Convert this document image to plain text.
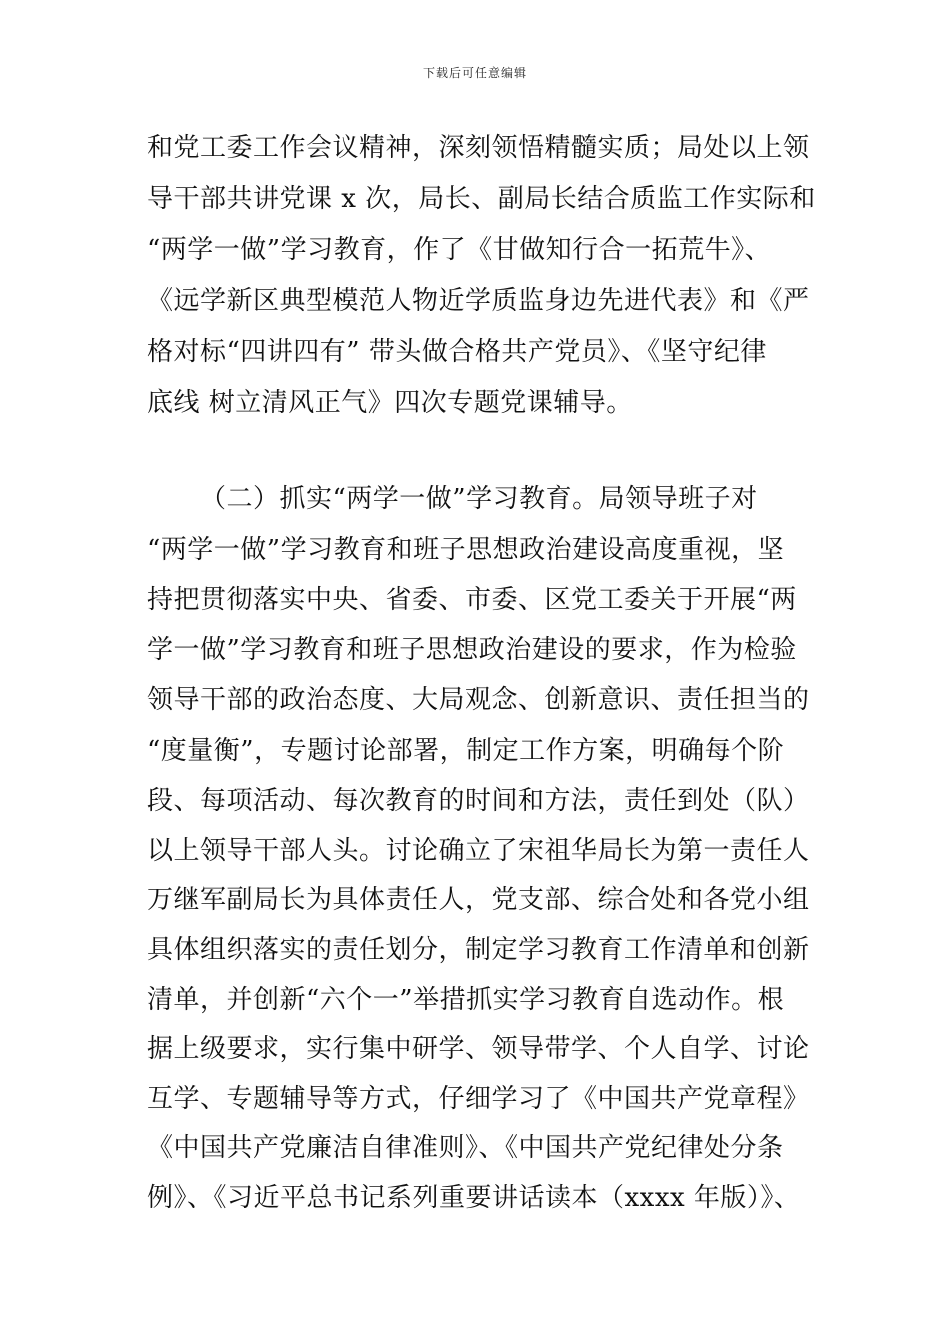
下载后可任意编辑
和党工委工作会议精神，深刻领悟精髓实质；局处以上领
导干部共讲党课 x 次，局长、副局长结合质监工作实际和
“两学一做”学习教育，作了《甘做知行合一拓荒牛》、
《远学新区典型模范人物近学质监身边先进代表》和《严
格对标“四讲四有” 带头做合格共产党员》、《坚守纪律
底线 树立清风正气》四次专题党课辅导。
（二）抓实“两学一做”学习教育。局领导班子对
“两学一做”学习教育和班子思想政治建设高度重视，坚
持把贯彻落实中央、省委、市委、区党工委关于开展“两
学一做”学习教育和班子思想政治建设的要求，作为检验
领导干部的政治态度、大局观念、创新意识、责任担当的
“度量衡”，专题讨论部署，制定工作方案，明确每个阶
段、每项活动、每次教育的时间和方法，责任到处（队）
以上领导干部人头。讨论确立了宋祖华局长为第一责任人
万继军副局长为具体责任人，党支部、综合处和各党小组
具体组织落实的责任划分，制定学习教育工作清单和创新
清单，并创新“六个一”举措抓实学习教育自选动作。根
据上级要求，实行集中研学、领导带学、个人自学、讨论
互学、专题辅导等方式，仔细学习了《中国共产党章程》
《中国共产党廉洁自律准则》、《中国共产党纪律处分条
例》、《习近平总书记系列重要讲话读本（xxxx 年版）》、
